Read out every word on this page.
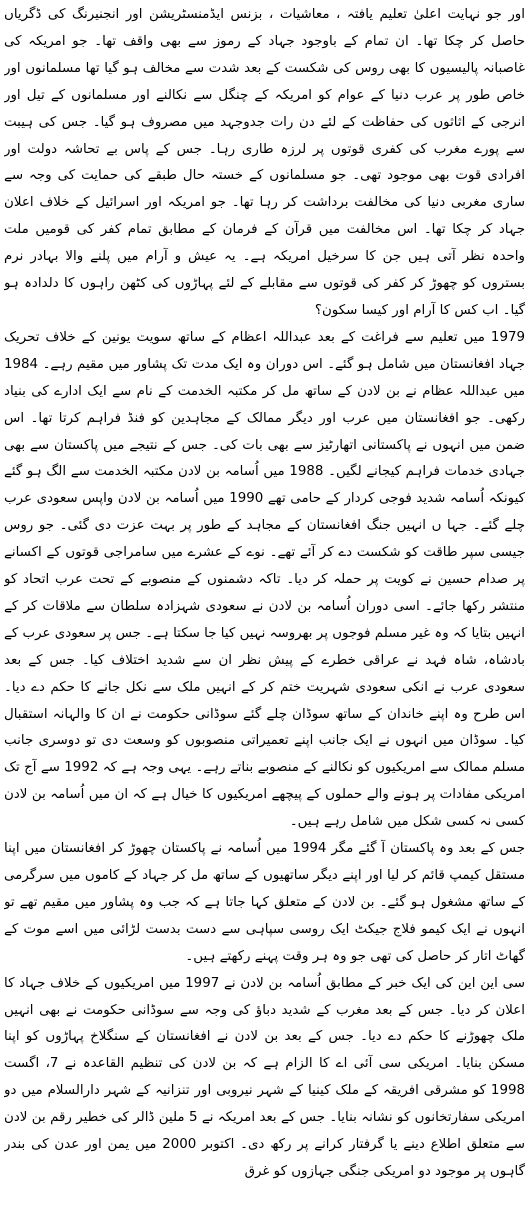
اور جو نہایت اعلیٰ تعلیم یافتہ ، معاشیات ، بزنس ایڈمنسٹریشن اور انجنیرنگ کی ڈگریاں حاصل کر چکا تھا۔ ان تمام کے باوجود جہاد کے رموز سے بھی واقف تھا۔ جو امریکہ کی غاصبانہ پالیسیوں کا بھی روس کی شکست کے بعد شدت سے مخالف ہو گیا تھا مسلمانوں اور خاص طور پر عرب دنیا کے عوام کو امریکہ کے چنگل سے نکالنے اور مسلمانوں کے تیل اور انرجی کے اثاثوں کی حفاظت کے لئے دن رات جدوجہد میں مصروف ہو گیا۔ جس کی ہیبت سے پورے مغرب کی کفری قوتوں پر لرزہ طاری رہا۔ جس کے پاس بے تحاشہ دولت اور افرادی قوت بھی موجود تھی۔ جو مسلمانوں کے خستہ حال طبقے کی حمایت کی وجہ سے ساری مغربی دنیا کی مخالفت برداشت کر رہا تھا۔ جو امریکہ اور اسرائیل کے خلاف اعلان جہاد کر چکا تھا۔ اس مخالفت میں قرآن کے فرمان کے مطابق تمام کفر کی قومیں ملت واحدہ نظر آتی ہیں جن کا سرخیل امریکہ ہے۔ یہ عیش و آرام میں پلنے والا بہادر نرم بستروں کو چھوڑ کر کفر کی قوتوں سے مقابلے کے لئے پہاڑوں کی کٹھن راہوں کا دلدادہ ہو گیا۔ اب کس کا آرام اور کیسا سکون؟

1979 میں تعلیم سے فراغت کے بعد عبداللہ اعظام کے ساتھ سویت یونین کے خلاف تحریک جہاد افغانستان میں شامل ہو گئے۔ اس دوران وہ ایک مدت تک پشاور میں مقیم رہے۔ 1984 میں عبداللہ عظام نے بن لادن کے ساتھ مل کر مکتبہ الخدمت کے نام سے ایک ادارے کی بنیاد رکھی۔ جو افغانستان میں عرب اور دیگر ممالک کے مجاہدین کو فنڈ فراہم کرتا تھا۔ اس ضمن میں انہوں نے پاکستانی اتھارٹیز سے بھی بات کی۔ جس کے نتیجے میں پاکستان سے بھی جہادی خدمات فراہم کیجانے لگیں۔ 1988 میں اُسامہ بن لادن مکتبہ الخدمت سے الگ ہو گئے کیونکہ اُسامہ شدید فوجی کردار کے حامی تھے 1990 میں اُسامہ بن لادن واپس سعودی عرب چلے گئے۔ جہا ں انہیں جنگ افغانستان کے مجاہد کے طور پر بہت عزت دی گئی۔ جو روس جیسی سپر طاقت کو شکست دے کر آئے تھے۔ نوے کے عشرے میں سامراجی قوتوں کے اکسانے پر صدام حسین نے کویت پر حملہ کر دیا۔ تاکہ دشمنوں کے منصوبے کے تحت عرب اتحاد کو منتشر رکھا جائے۔ اسی دوران اُسامہ بن لادن نے سعودی شہزادہ سلطان سے ملاقات کر کے انہیں بتایا کہ وہ غیر مسلم فوجوں پر بھروسہ نہیں کیا جا سکتا ہے۔ جس پر سعودی عرب کے بادشاہ، شاہ فہد نے عراقی خطرے کے پیش نظر ان سے شدید اختلاف کیا۔ جس کے بعد سعودی عرب نے انکی سعودی شہریت ختم کر کے انہیں ملک سے نکل جانے کا حکم دے دیا۔ اس طرح وہ اپنے خاندان کے ساتھ سوڈان چلے گئے سوڈانی حکومت نے ان کا والہانہ استقبال کیا۔ سوڈان میں انہوں نے ایک جانب اپنے تعمیراتی منصوبوں کو وسعت دی تو دوسری جانب مسلم ممالک سے امریکیوں کو نکالنے کے منصوبے بناتے رہے۔ یہی وجہ ہے کہ 1992 سے آج تک امریکی مفادات پر ہونے والے حملوں کے پیچھے امریکیوں کا خیال ہے کہ ان میں اُسامہ بن لادن کسی نہ کسی شکل میں شامل رہے ہیں۔

جس کے بعد وہ پاکستان آ گئے مگر 1994 میں اُسامہ نے پاکستان چھوڑ کر افغانستان میں اپنا مستقل کیمپ قائم کر لیا اور اپنے دیگر ساتھیوں کے ساتھ مل کر جہاد کے کاموں میں سرگرمی کے ساتھ مشغول ہو گئے۔ بن لادن کے متعلق کہا جاتا ہے کہ جب وہ پشاور میں مقیم تھے تو انہوں نے ایک کیمو فلاج جیکٹ ایک روسی سپاہی سے دست بدست لڑائی میں اسے موت کے گھاٹ اتار کر حاصل کی تھی جو وہ ہر وقت پہنے رکھتے ہیں۔

سی این این کی ایک خبر کے مطابق اُسامہ بن لادن نے 1997 میں امریکیوں کے خلاف جہاد کا اعلان کر دیا۔ جس کے بعد مغرب کے شدید دباؤ کی وجہ سے سوڈانی حکومت نے بھی انہیں ملک چھوڑنے کا حکم دے دیا۔ جس کے بعد بن لادن نے افغانستان کے سنگلاخ پہاڑوں کو اپنا مسکن بنایا۔ امریکی سی آئی اے کا الزام ہے کہ بن لادن کی تنظیم القاعدہ نے 7، اگست 1998 کو مشرقی افریقہ کے ملک کینیا کے شہر نیروبی اور تنزانیہ کے شہر دارالسلام میں دو امریکی سفارتخانوں کو نشانہ بنایا۔ جس کے بعد امریکہ نے 5 ملین ڈالر کی خطیر رقم بن لادن سے متعلق اطلاع دینے یا گرفتار کرانے پر رکھ دی۔ اکتوبر 2000 میں یمن اور عدن کی بندر گاہوں پر موجود دو امریکی جنگی جہازوں کو غرق
